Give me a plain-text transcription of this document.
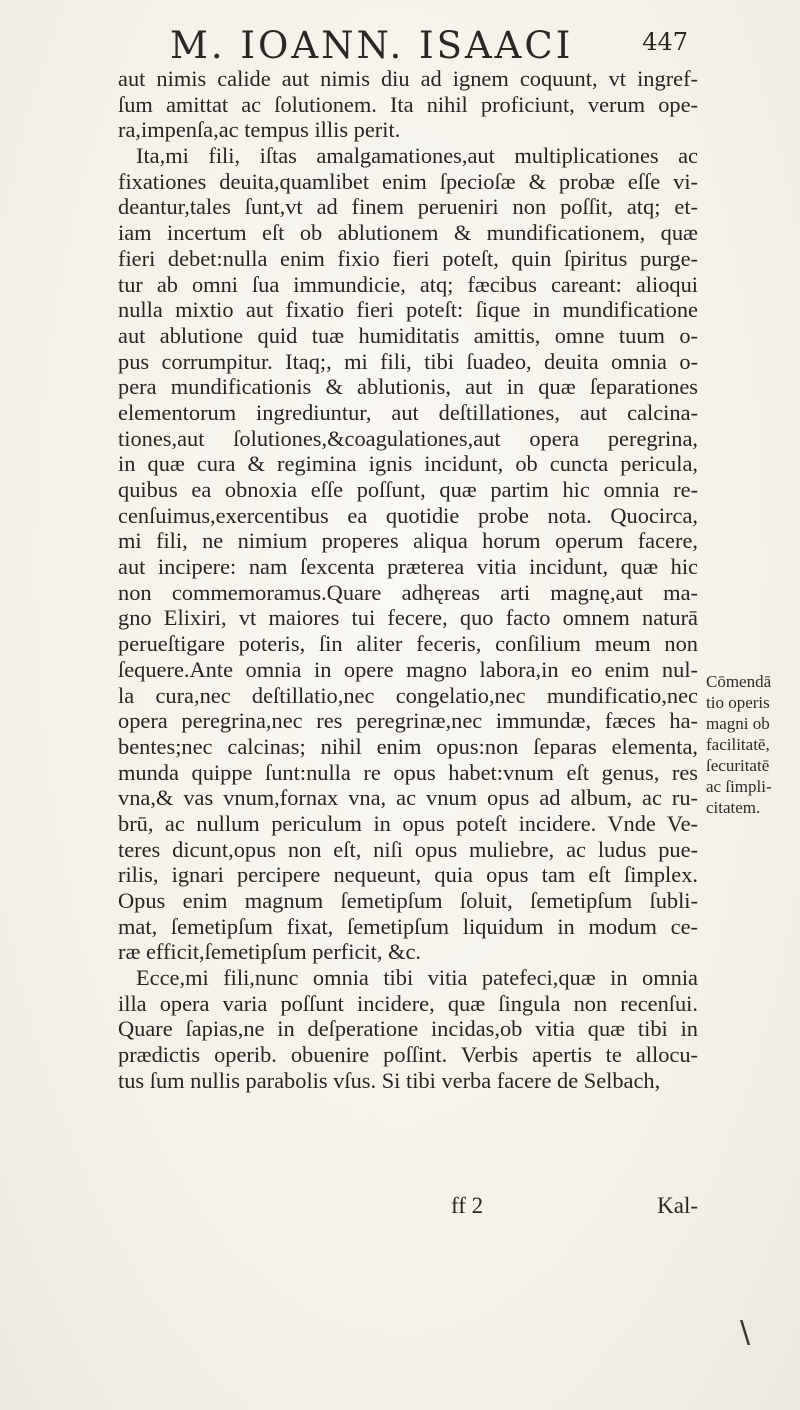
M. IOANN. ISAACI	447
aut nimis calide aut nimis diu ad ignem coquunt, vt ingref-
ſum amittat ac ſolutionem. Ita nihil proficiunt, verum ope-
ra,impenſa,ac tempus illis perit.
Ita,mi fili, iſtas amalgamationes,aut multiplicationes ac
fixationes deuita,quamlibet enim ſpecioſæ & probæ eſſe vi-
deantur,tales ſunt,vt ad finem perueniri non poſſit, atq; et-
iam incertum eſt ob ablutionem & mundificationem, quæ
fieri debet:nulla enim fixio fieri poteſt, quin ſpiritus purge-
tur ab omni ſua immundicie, atq; fæcibus careant: alioqui
nulla mixtio aut fixatio fieri poteſt: ſique in mundificatione
aut ablutione quid tuæ humiditatis amittis, omne tuum o-
pus corrumpitur. Itaq;, mi fili, tibi ſuadeo, deuita omnia o-
pera mundificationis & ablutionis, aut in quæ ſeparationes
elementorum ingrediuntur, aut deſtillationes, aut calcina-
tiones,aut ſolutiones,&coagulationes,aut opera peregrina,
in quæ cura & regimina ignis incidunt, ob cuncta pericula,
quibus ea obnoxia eſſe poſſunt, quæ partim hic omnia re-
cenſuimus,exercentibus ea quotidie probe nota. Quocirca,
mi fili, ne nimium properes aliqua horum operum facere,
aut incipere: nam ſexcenta præterea vitia incidunt, quæ hic
non commemoramus.Quare adhęreas arti magnę,aut ma-
gno Elixiri, vt maiores tui fecere, quo facto omnem naturā
perueſtigare poteris, ſin aliter feceris, conſilium meum non
ſequere.Ante omnia in opere magno labora,in eo enim nul-
la cura,nec deſtillatio,nec congelatio,nec mundificatio,nec
opera peregrina,nec res peregrinæ,nec immundæ, fæces ha-
bentes;nec calcinas; nihil enim opus:non ſeparas elementa,
munda quippe ſunt:nulla re opus habet:vnum eſt genus, res
vna,& vas vnum,fornax vna, ac vnum opus ad album, ac ru-
brū, ac nullum periculum in opus poteſt incidere. Vnde Ve-
teres dicunt,opus non eſt, niſi opus muliebre, ac ludus pue-
rilis, ignari percipere nequeunt, quia opus tam eſt ſimplex.
Opus enim magnum ſemetipſum ſoluit, ſemetipſum ſubli-
mat, ſemetipſum fixat, ſemetipſum liquidum in modum ce-
ræ efficit,ſemetipſum perficit, &c.
Ecce,mi fili,nunc omnia tibi vitia patefeci,quæ in omnia
illa opera varia poſſunt incidere, quæ ſingula non recenſui.
Quare ſapias,ne in deſperatione incidas,ob vitia quæ tibi in
prædictis operib. obuenire poſſint. Verbis apertis te allocu-
tus ſum nullis parabolis vſus. Si tibi verba facere de Selbach,
Cōmendā
tio operis
magni ob
facilitatē,
ſecuritatē
ac ſimpli-
citatem.
ff 2	Kal-
\
